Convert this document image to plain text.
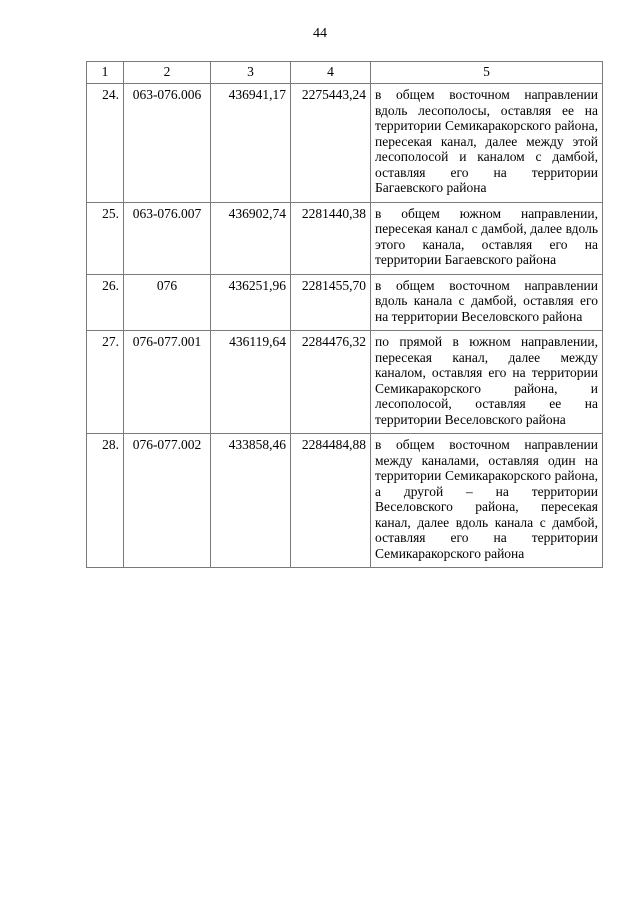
44
1	2	3	4	5
24.	063-076.006	436941,17	2275443,24	в общем восточном направлении вдоль лесополосы, оставляя ее на территории Семикаракорского района, пересекая канал, далее между этой лесополосой и каналом с дамбой, оставляя его на территории Багаевского района
25.	063-076.007	436902,74	2281440,38	в общем южном направлении, пересекая канал с дамбой, далее вдоль этого канала, оставляя его на территории Багаевского района
26.	076	436251,96	2281455,70	в общем восточном направлении вдоль канала с дамбой, оставляя его на территории Веселовского района
27.	076-077.001	436119,64	2284476,32	по прямой в южном направлении, пересекая канал, далее между каналом, оставляя его на территории Семикаракорского района, и лесополосой, оставляя ее на территории Веселовского района
28.	076-077.002	433858,46	2284484,88	в общем восточном направлении между каналами, оставляя один на территории Семикаракорского района, а другой – на территории Веселовского района, пересекая канал, далее вдоль канала с дамбой, оставляя его на территории Семикаракорского района
